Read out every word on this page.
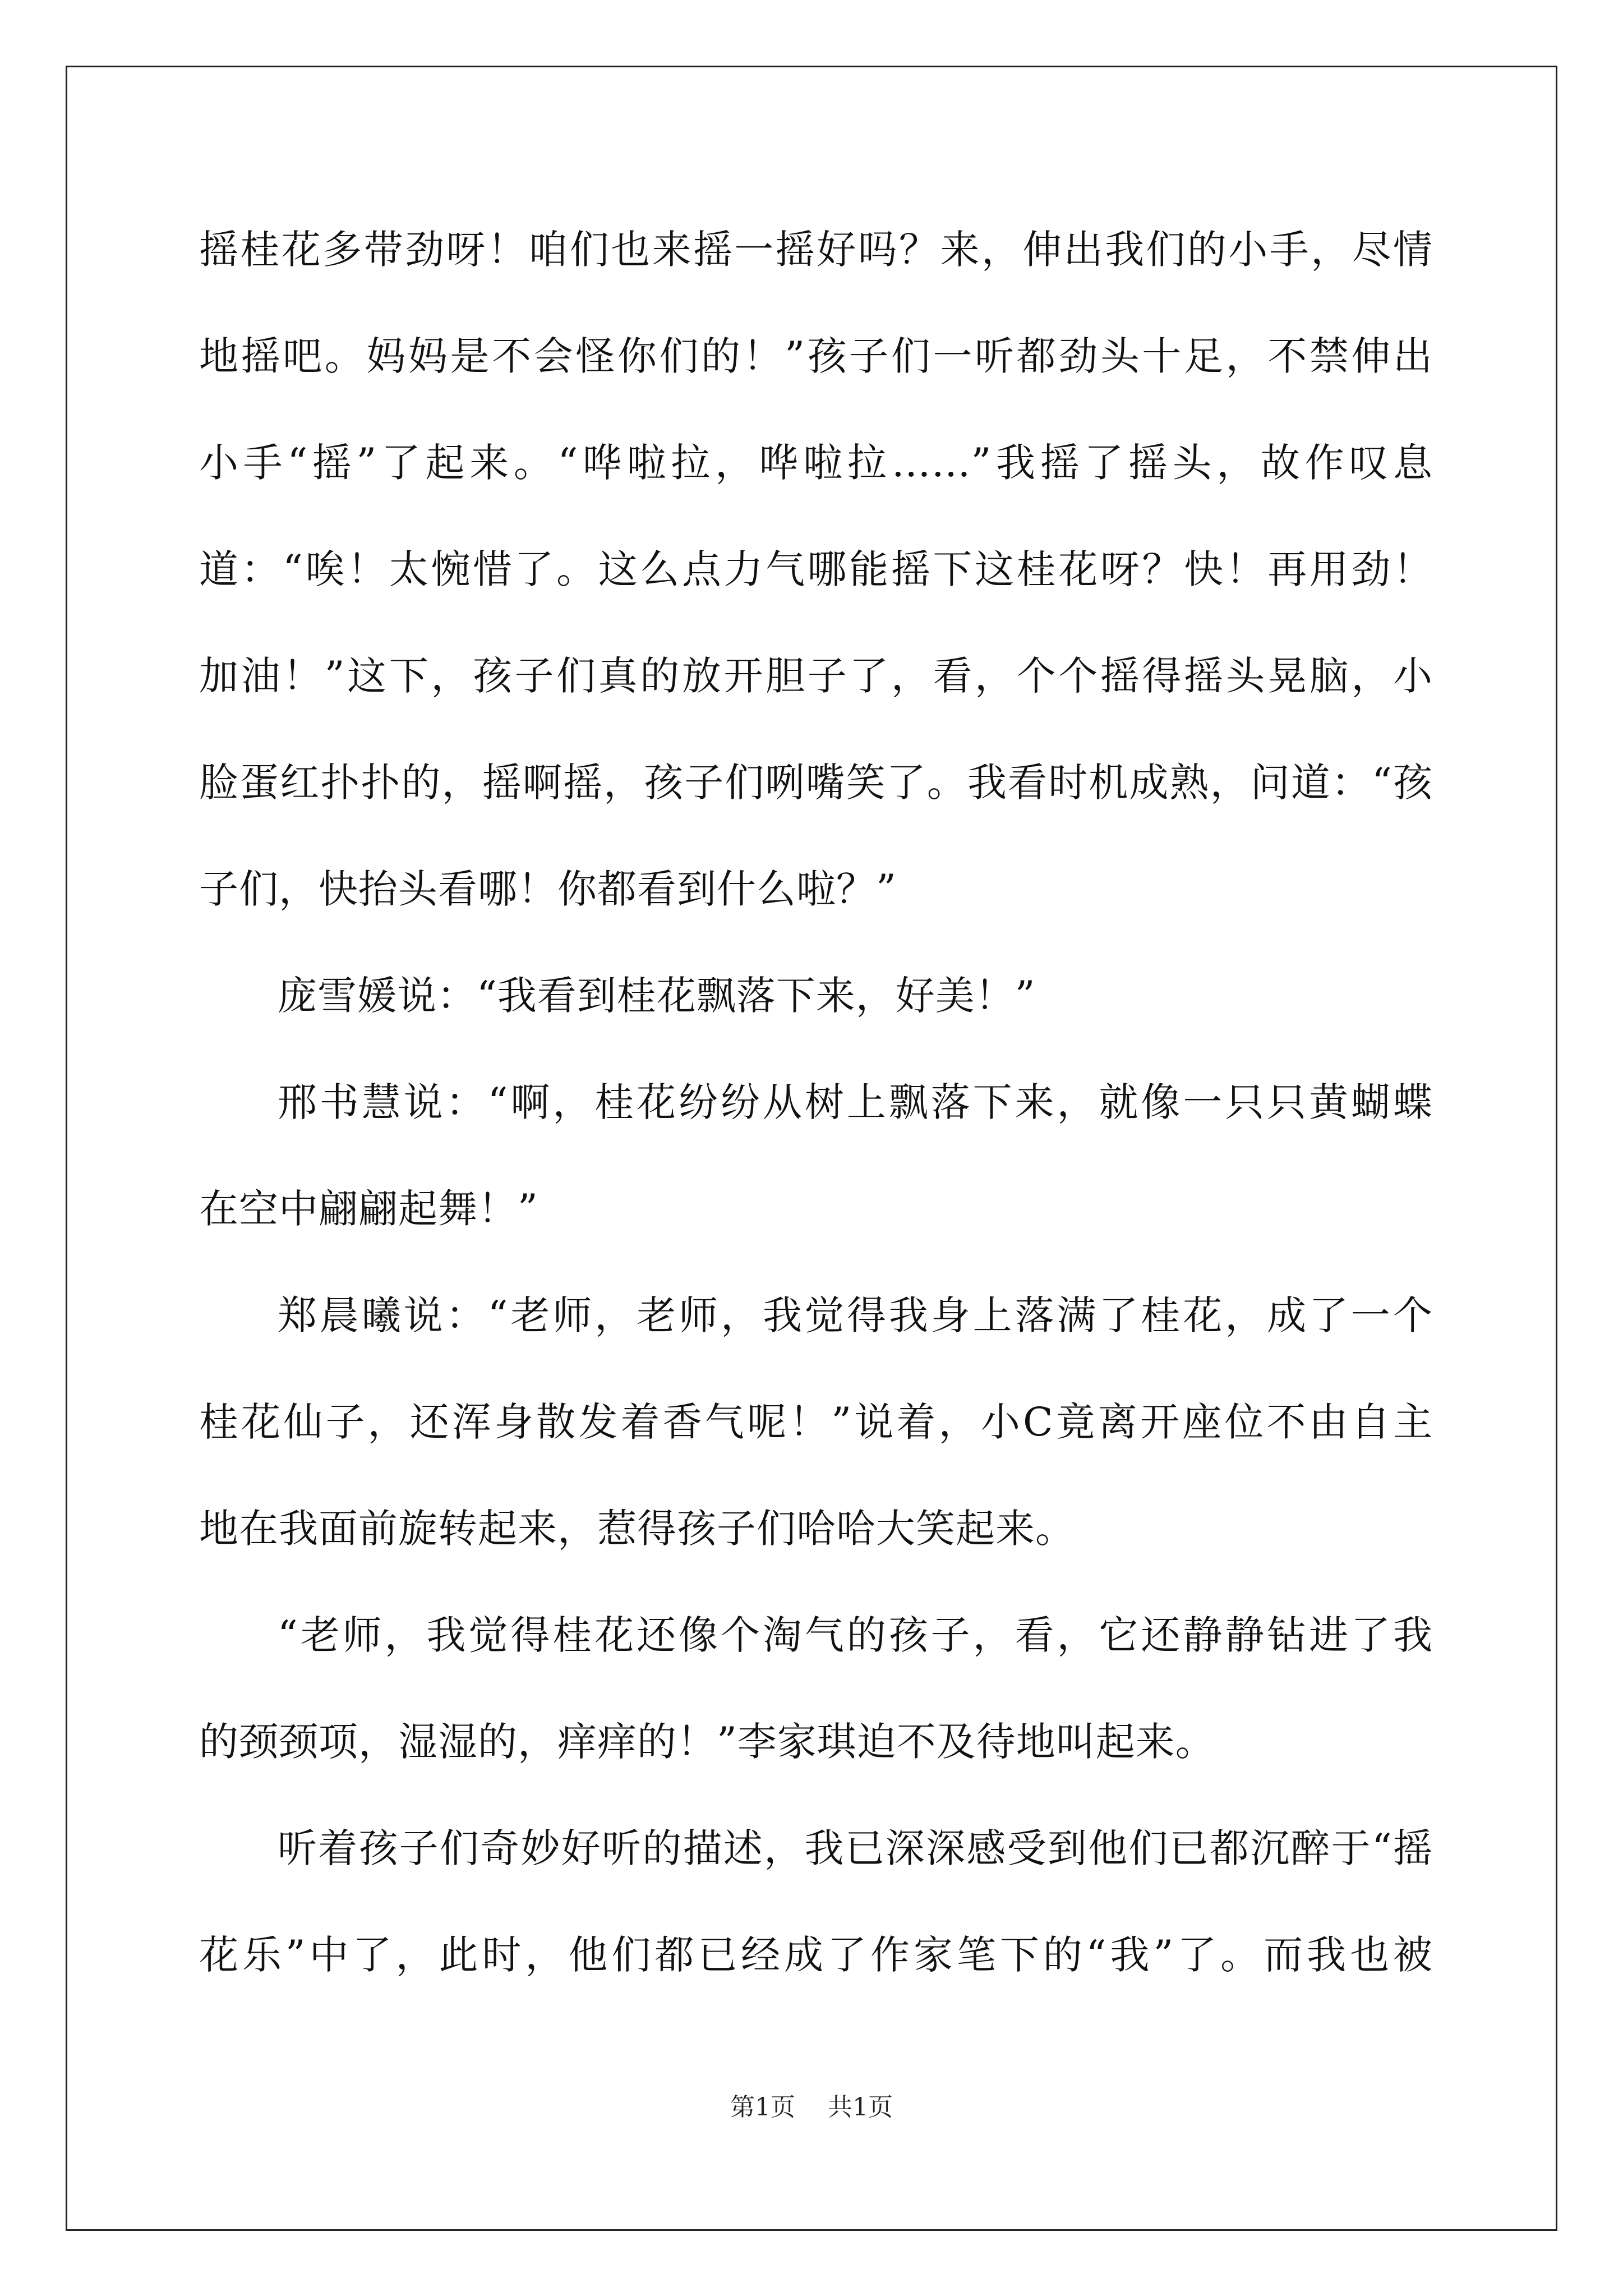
摇桂花多带劲呀！咱们也来摇一摇好吗？来，伸出我们的小手，尽情
地摇吧。妈妈是不会怪你们的！”孩子们一听都劲头十足，不禁伸出
小手“摇”了起来。“哗啦拉，哗啦拉……”我摇了摇头，故作叹息
道：“唉！太惋惜了。这么点力气哪能摇下这桂花呀？快！再用劲！
加油！”这下，孩子们真的放开胆子了，看，个个摇得摇头晃脑，小
脸蛋红扑扑的，摇啊摇，孩子们咧嘴笑了。我看时机成熟，问道：“孩
子们，快抬头看哪！你都看到什么啦？”
庞雪媛说：“我看到桂花飘落下来，好美！”
邢书慧说：“啊，桂花纷纷从树上飘落下来，就像一只只黄蝴蝶
在空中翩翩起舞！”
郑晨曦说：“老师，老师，我觉得我身上落满了桂花，成了一个
桂花仙子，还浑身散发着香气呢！”说着，小C竟离开座位不由自主
地在我面前旋转起来，惹得孩子们哈哈大笑起来。
“老师，我觉得桂花还像个淘气的孩子，看，它还静静钻进了我
的颈颈项，湿湿的，痒痒的！”李家琪迫不及待地叫起来。
听着孩子们奇妙好听的描述，我已深深感受到他们已都沉醉于“摇
花乐”中了，此时，他们都已经成了作家笔下的“我”了。而我也被
第1页 共1页
